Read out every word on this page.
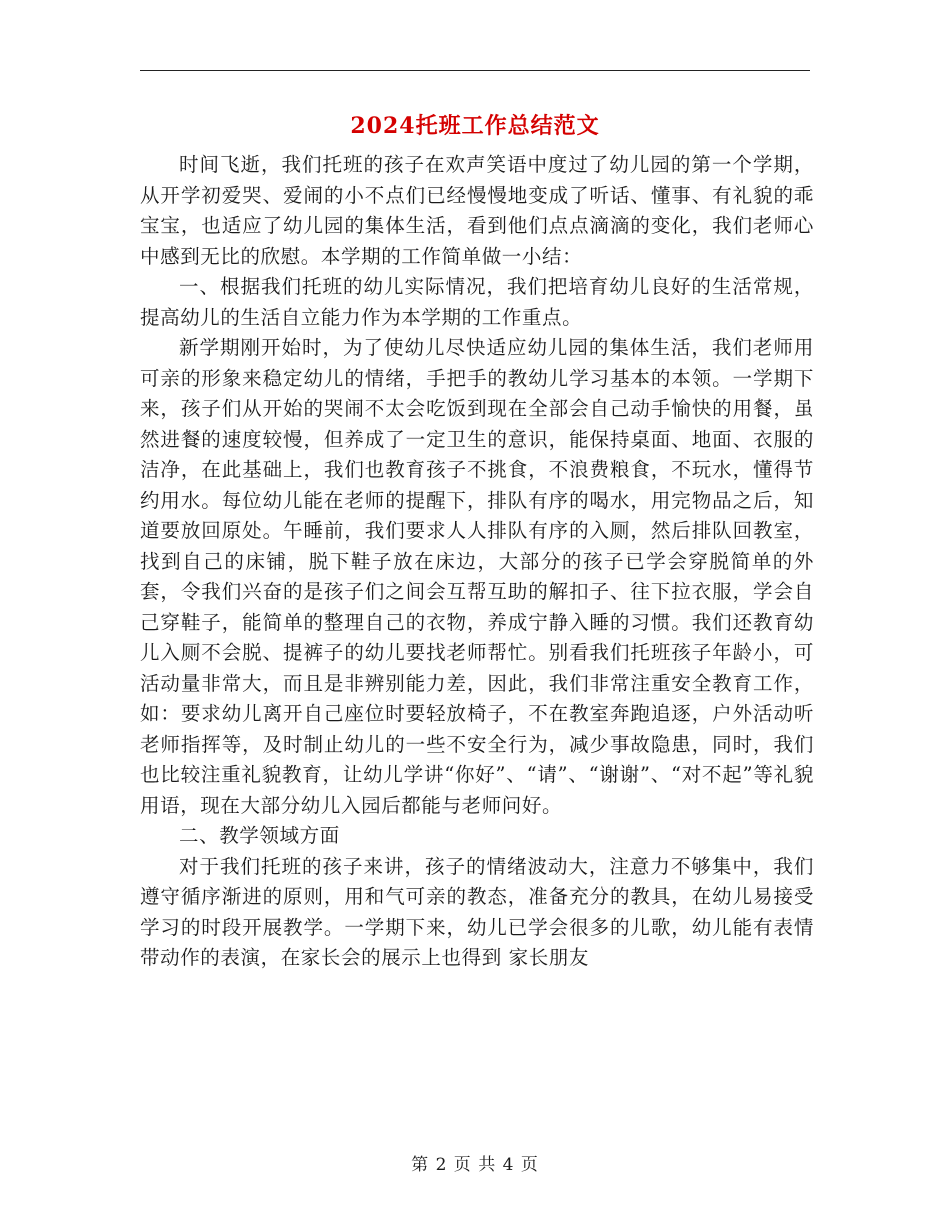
2024托班工作总结范文

时间飞逝，我们托班的孩子在欢声笑语中度过了幼儿园的第一个学期，从开学初爱哭、爱闹的小不点们已经慢慢地变成了听话、懂事、有礼貌的乖宝宝，也适应了幼儿园的集体生活，看到他们点点滴滴的变化，我们老师心中感到无比的欣慰。本学期的工作简单做一小结：

一、根据我们托班的幼儿实际情况，我们把培育幼儿良好的生活常规，提高幼儿的生活自立能力作为本学期的工作重点。

新学期刚开始时，为了使幼儿尽快适应幼儿园的集体生活，我们老师用可亲的形象来稳定幼儿的情绪，手把手的教幼儿学习基本的本领。一学期下来，孩子们从开始的哭闹不太会吃饭到现在全部会自己动手愉快的用餐，虽然进餐的速度较慢，但养成了一定卫生的意识，能保持桌面、地面、衣服的洁净，在此基础上，我们也教育孩子不挑食，不浪费粮食，不玩水，懂得节约用水。每位幼儿能在老师的提醒下，排队有序的喝水，用完物品之后，知道要放回原处。午睡前，我们要求人人排队有序的入厕，然后排队回教室，找到自己的床铺，脱下鞋子放在床边，大部分的孩子已学会穿脱简单的外套，令我们兴奋的是孩子们之间会互帮互助的解扣子、往下拉衣服，学会自己穿鞋子，能简单的整理自己的衣物，养成宁静入睡的习惯。我们还教育幼儿入厕不会脱、提裤子的幼儿要找老师帮忙。别看我们托班孩子年龄小，可活动量非常大，而且是非辨别能力差，因此，我们非常注重安全教育工作，如：要求幼儿离开自己座位时要轻放椅子，不在教室奔跑追逐，户外活动听老师指挥等，及时制止幼儿的一些不安全行为，减少事故隐患，同时，我们也比较注重礼貌教育，让幼儿学讲“你好”、“请”、“谢谢”、“对不起”等礼貌用语，现在大部分幼儿入园后都能与老师问好。

二、教学领域方面

对于我们托班的孩子来讲，孩子的情绪波动大，注意力不够集中，我们遵守循序渐进的原则，用和气可亲的教态，准备充分的教具，在幼儿易接受学习的时段开展教学。一学期下来，幼儿已学会很多的儿歌，幼儿能有表情带动作的表演，在家长会的展示上也得到 家长朋友

第 2 页 共 4 页
